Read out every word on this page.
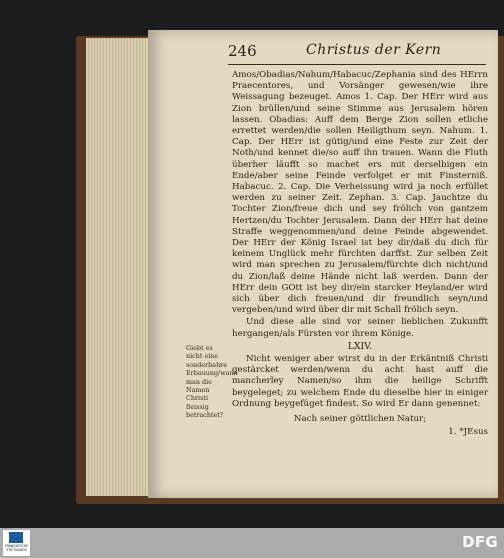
246	Christus der Kern

Amos/Obadias/Nahum/Habacuc/Zephania sind des HErrn Praecentores, und Vorsänger gewesen/wie ihre Weissagung bezeuget. Amos 1. Cap. Der HErr wird aus Zion brüllen/und seine Stimme aus Jerusalem hören lassen. Obadias: Auff dem Berge Zion sollen etliche errettet werden/die sollen Heiligthum seyn. Nahum. 1. Cap. Der HErr ist gütig/und eine Feste zur Zeit der Noth/und kennet die/so auff ihn trauen. Wann die Fluth überher läufft so machet ers mit derselbigen ein Ende/aber seine Feinde verfolget er mit Finsterniß. Habacuc. 2. Cap. Die Verheissung wird ja noch erfüllet werden zu seiner Zeit. Zephan. 3. Cap. Jauchtze du Tochter Zion/freue dich und sey frölich von gantzem Hertzen/du Tochter Jerusalem. Dann der HErr hat deine Straffe weggenommen/und deine Feinde abgewendet. Der HErr der König Israel ist bey dir/daß du dich für keinem Unglück mehr fürchten darffst. Zur selben Zeit wird man sprechen zu Jerusalem/fürchte dich nicht/und du Zion/laß deine Hände nicht laß werden. Dann der HErr dein GOtt ist bey dir/ein starcker Heyland/er wird sich über dich freuen/und dir freundlich seyn/und vergeben/und wird über dir mit Schall frölich seyn.

Und diese alle sind vor seiner lieblichen Zukunfft hergangen/als Fürsten vor ihrem Könige.

LXIV.

Nicht weniger aber wirst du in der Erkäntniß Christi gestärcket werden/wenn du acht hast auff die mancherley Namen/so ihm die heilige Schrifft beygeleget; zu welchem Ende du dieselbe hier in einiger Ordnung beygefüget findest. So wird Er dann genennet:

Nach seiner göttlichen Natur;

1. *JEsus

Giebt es nicht eine sonderbahre Erbauung/wann man die Namen Christi fleissig betrachtet?
FRANCKESCHE STIFTUNGEN	DFG
